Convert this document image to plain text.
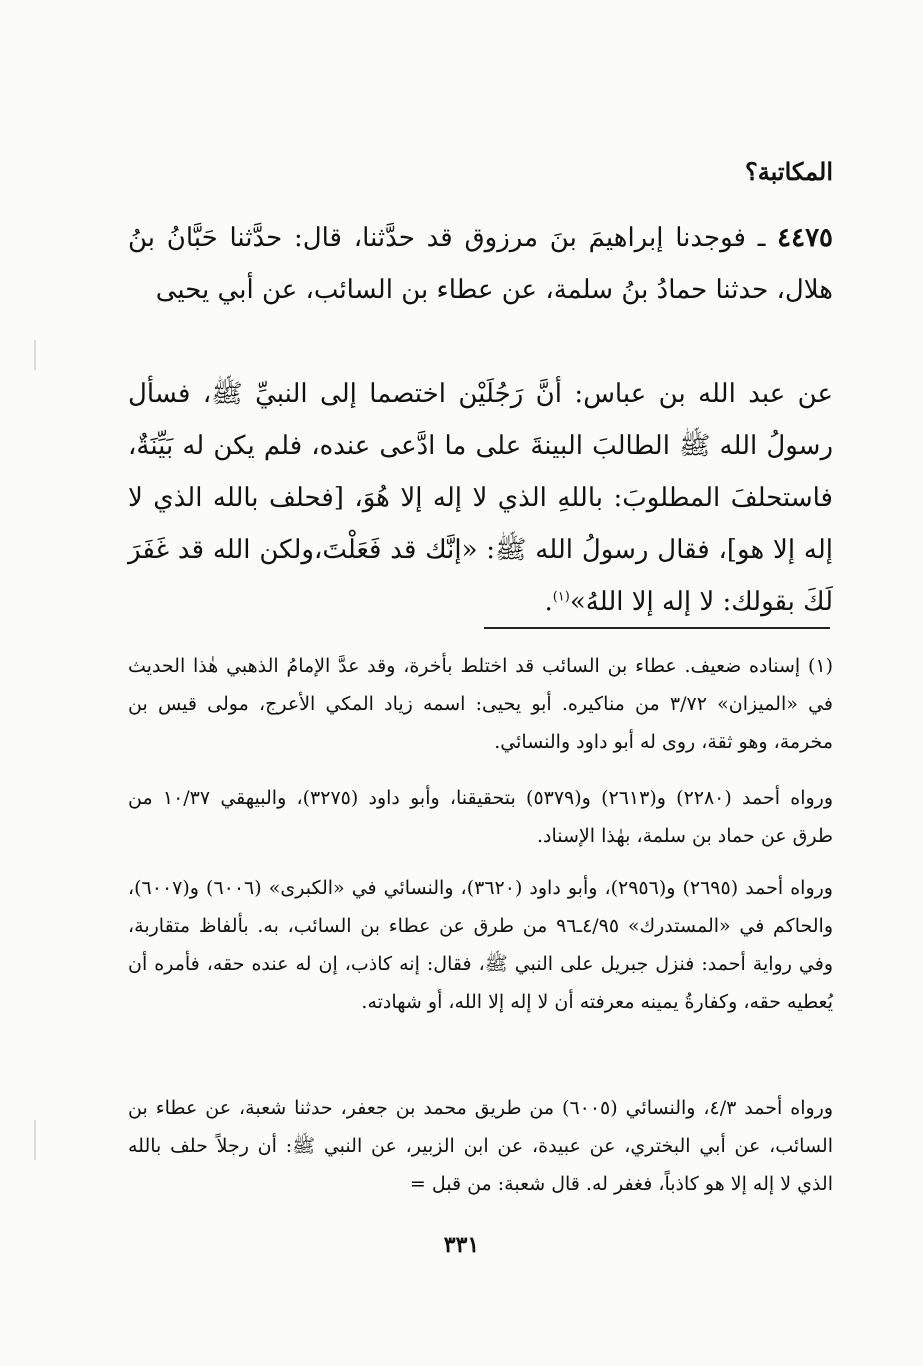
المكاتبة؟

٤٤٧٥ ـ فوجدنا إبراهيمَ بنَ مرزوق قد حدَّثنا، قال: حدَّثنا حَبَّانُ بنُ هلال، حدثنا حمادُ بنُ سلمة، عن عطاء بن السائب، عن أبي يحيى

عن عبد الله بن عباس: أنَّ رَجُلَيْن اختصما إلى النبيِّ ﷺ، فسأل رسولُ الله ﷺ الطالبَ البينةَ على ما ادَّعى عنده، فلم يكن له بَيِّنَةٌ، فاستحلفَ المطلوبَ: باللهِ الذي لا إله إلا هُوَ، [فحلف بالله الذي لا إله إلا هو]، فقال رسولُ الله ﷺ: «إنَّك قد فَعَلْتَ،ولكن الله قد غَفَرَ لَكَ بقولك: لا إله إلا اللهُ»$^{(١)}$.

(١) إسناده ضعيف. عطاء بن السائب قد اختلط بأخرة، وقد عدَّ الإمامُ الذهبي هٰذا الحديث في «الميزان» ٣/٧٢ من مناكيره. أبو يحيى: اسمه زياد المكي الأعرج، مولى قيس بن مخرمة، وهو ثقة، روى له أبو داود والنسائي.

ورواه أحمد (٢٢٨٠) و(٢٦١٣) و(٥٣٧٩) بتحقيقنا، وأبو داود (٣٢٧٥)، والبيهقي ١٠/٣٧ من طرق عن حماد بن سلمة، بهٰذا الإسناد.

ورواه أحمد (٢٦٩٥) و(٢٩٥٦)، وأبو داود (٣٦٢٠)، والنسائي في «الكبرى» (٦٠٠٦) و(٦٠٠٧)، والحاكم في «المستدرك» ٤/٩٥ـ٩٦ من طرق عن عطاء بن السائب، به. بألفاظ متقاربة، وفي رواية أحمد: فنزل جبريل على النبي ﷺ، فقال: إنه كاذب، إن له عنده حقه، فأمره أن يُعطيه حقه، وكفارةُ يمينه معرفته أن لا إله إلا الله، أو شهادته.

ورواه أحمد ٤/٣، والنسائي (٦٠٠٥) من طريق محمد بن جعفر، حدثنا شعبة، عن عطاء بن السائب، عن أبي البختري، عن عبيدة، عن ابن الزبير، عن النبي ﷺ: أن رجلاً حلف بالله الذي لا إله إلا هو كاذباً، فغفر له. قال شعبة: من قبل =

٣٣١
